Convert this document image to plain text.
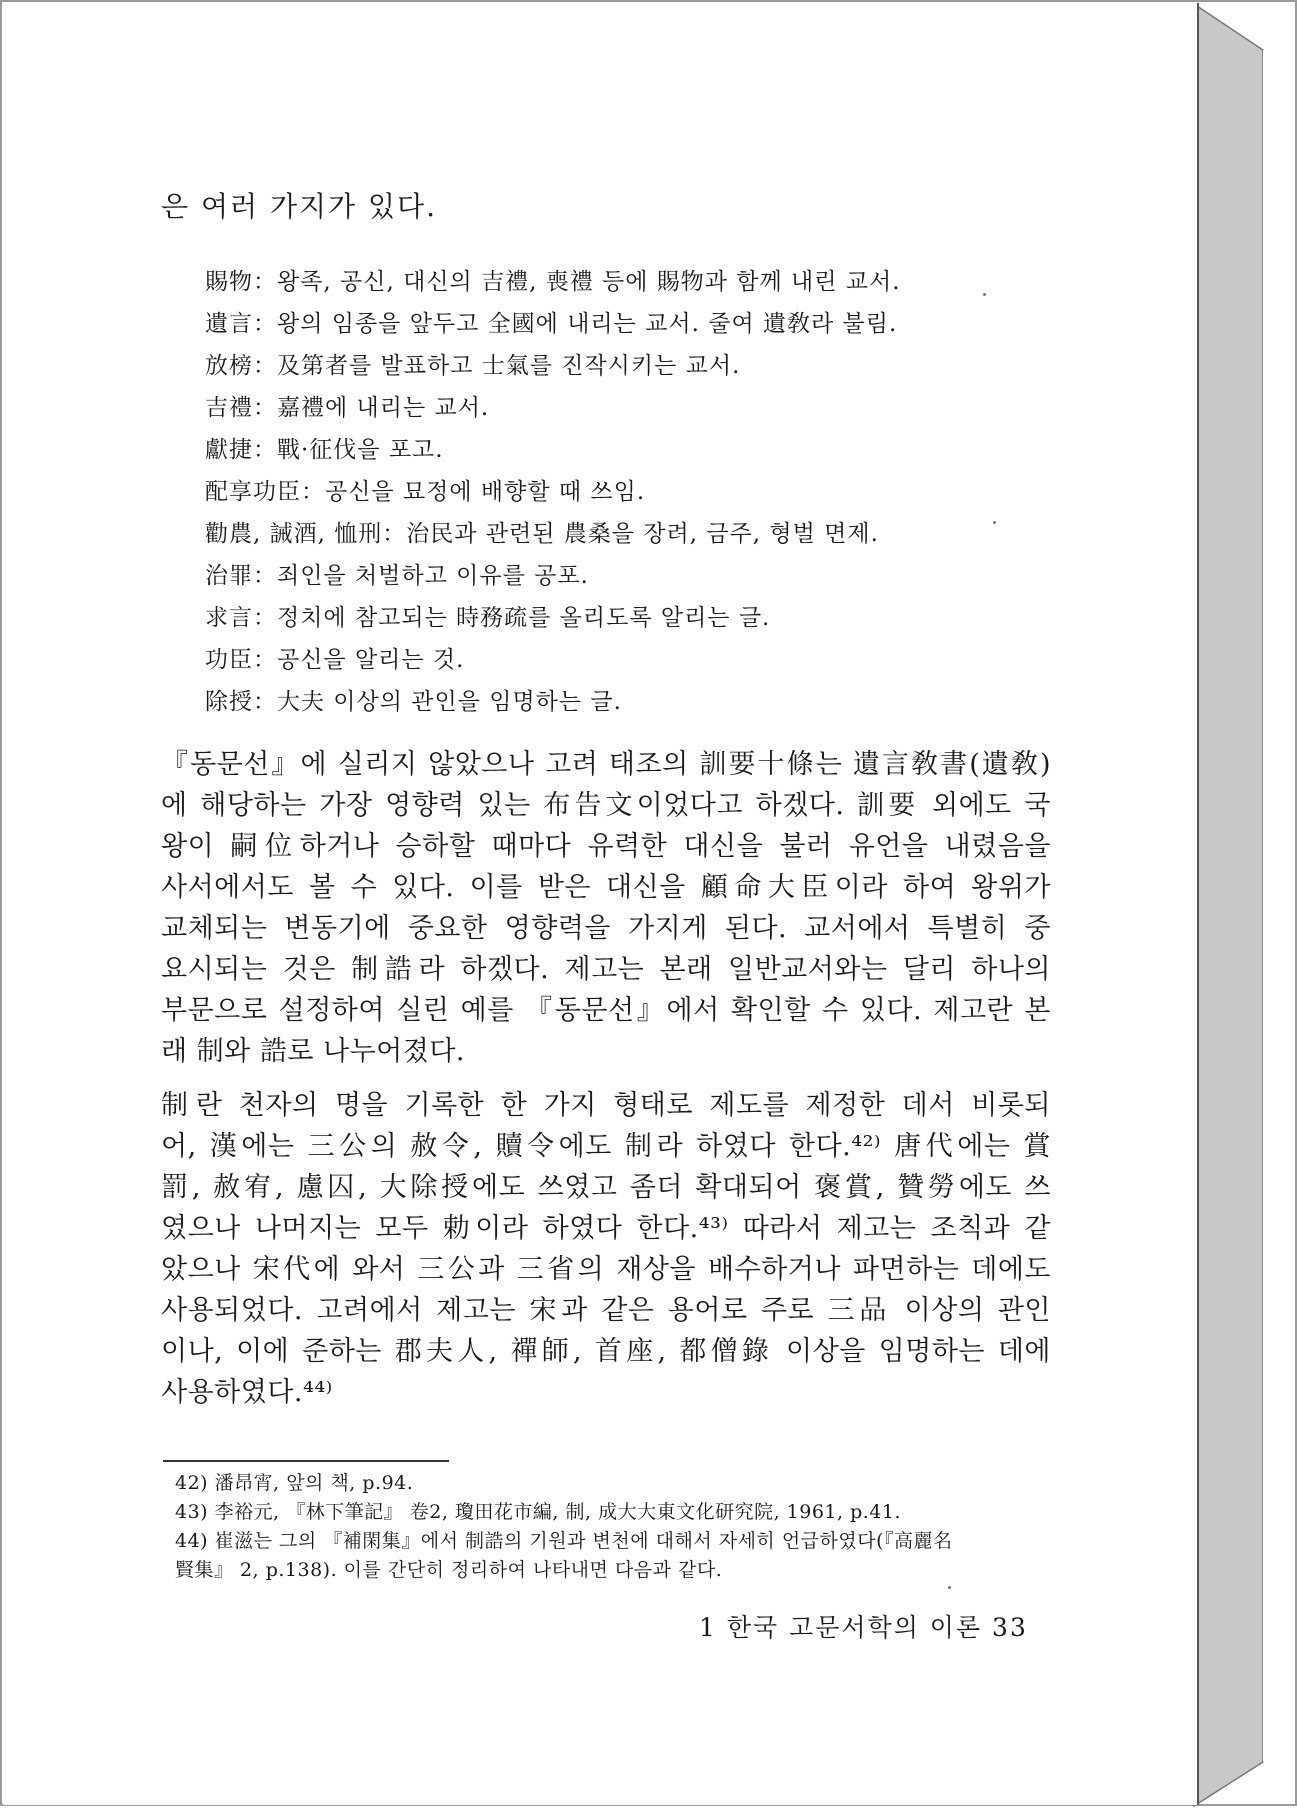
은 여러 가지가 있다.
賜物：왕족, 공신, 대신의 吉禮, 喪禮 등에 賜物과 함께 내린 교서.
遺言：왕의 임종을 앞두고 全國에 내리는 교서. 줄여 遺敎라 불림.
放榜：及第者를 발표하고 士氣를 진작시키는 교서.
吉禮：嘉禮에 내리는 교서.
獻捷：戰·征伐을 포고.
配享功臣：공신을 묘정에 배향할 때 쓰임.
勸農, 誡酒, 恤刑：治民과 관련된 農桑을 장려, 금주, 형벌 면제.
治罪：죄인을 처벌하고 이유를 공포.
求言：정치에 참고되는 時務疏를 올리도록 알리는 글.
功臣：공신을 알리는 것.
除授：大夫 이상의 관인을 임명하는 글.
『동문선』에 실리지 않았으나 고려 태조의 訓要十條는 遺言敎書(遺敎)
에 해당하는 가장 영향력 있는 布告文이었다고 하겠다. 訓要 외에도 국
왕이 嗣位하거나 승하할 때마다 유력한 대신을 불러 유언을 내렸음을
사서에서도 볼 수 있다. 이를 받은 대신을 顧命大臣이라 하여 왕위가
교체되는 변동기에 중요한 영향력을 가지게 된다. 교서에서 특별히 중
요시되는 것은 制誥라 하겠다. 제고는 본래 일반교서와는 달리 하나의
부문으로 설정하여 실린 예를 『동문선』에서 확인할 수 있다. 제고란 본
래 制와 誥로 나누어졌다.
制란 천자의 명을 기록한 한 가지 형태로 제도를 제정한 데서 비롯되
어, 漢에는 三公의 赦令, 贖令에도 制라 하였다 한다.⁴²⁾ 唐代에는 賞
罰, 赦宥, 慮囚, 大除授에도 쓰였고 좀더 확대되어 褒賞, 贊勞에도 쓰
였으나 나머지는 모두 勅이라 하였다 한다.⁴³⁾ 따라서 제고는 조칙과 같
았으나 宋代에 와서 三公과 三省의 재상을 배수하거나 파면하는 데에도
사용되었다. 고려에서 제고는 宋과 같은 용어로 주로 三品 이상의 관인
이나, 이에 준하는 郡夫人, 禪師, 首座, 都僧錄 이상을 임명하는 데에
사용하였다.⁴⁴⁾
42) 潘昂宵, 앞의 책, p.94.
43) 李裕元, 『林下筆記』 卷2, 瓊田花市編, 制, 成大大東文化研究院, 1961, p.41.
44) 崔滋는 그의 『補閑集』에서 制誥의 기원과 변천에 대해서 자세히 언급하였다(『高麗名
賢集』 2, p.138). 이를 간단히 정리하여 나타내면 다음과 같다.
1 한국 고문서학의 이론 33
